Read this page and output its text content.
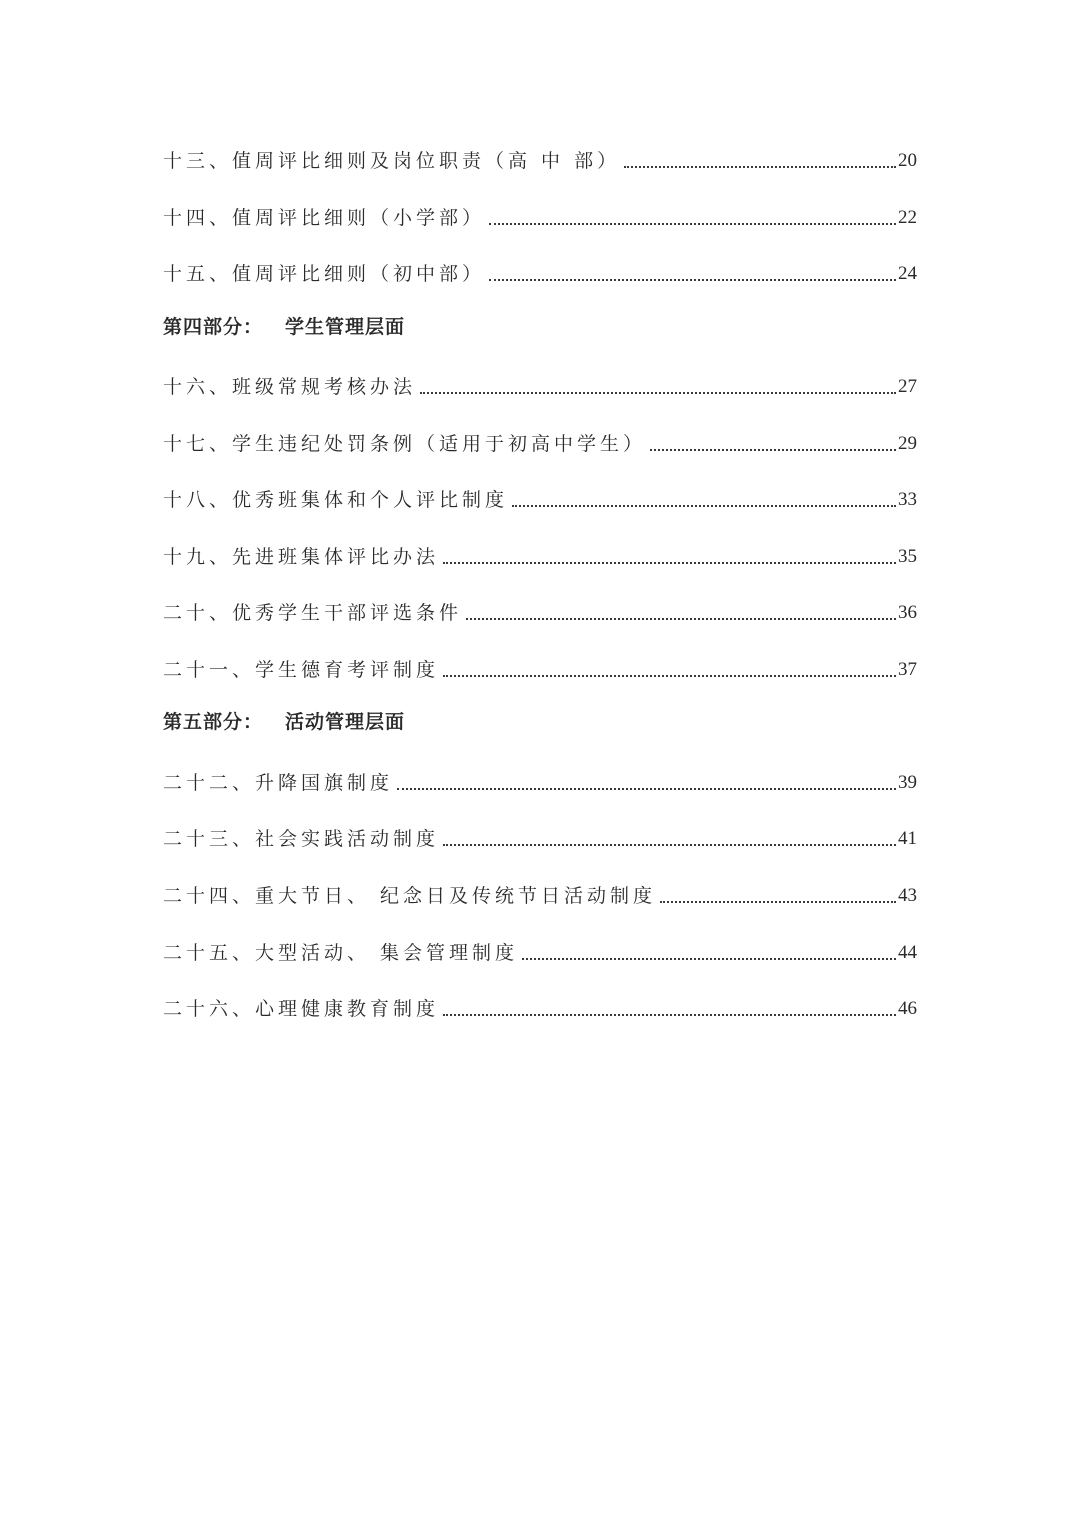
十三、值周评比细则及岗位职责（高 中 部）	20
十四、值周评比细则（小学部）	22
十五、值周评比细则（初中部）	24
第四部分： 学生管理层面
十六、班级常规考核办法	27
十七、学生违纪处罚条例（适用于初高中学生）	29
十八、优秀班集体和个人评比制度	33
十九、先进班集体评比办法	35
二十、优秀学生干部评选条件	36
二十一、学生德育考评制度	37
第五部分： 活动管理层面
二十二、升降国旗制度	39
二十三、社会实践活动制度	41
二十四、重大节日、 纪念日及传统节日活动制度	43
二十五、大型活动、 集会管理制度	44
二十六、心理健康教育制度	46
